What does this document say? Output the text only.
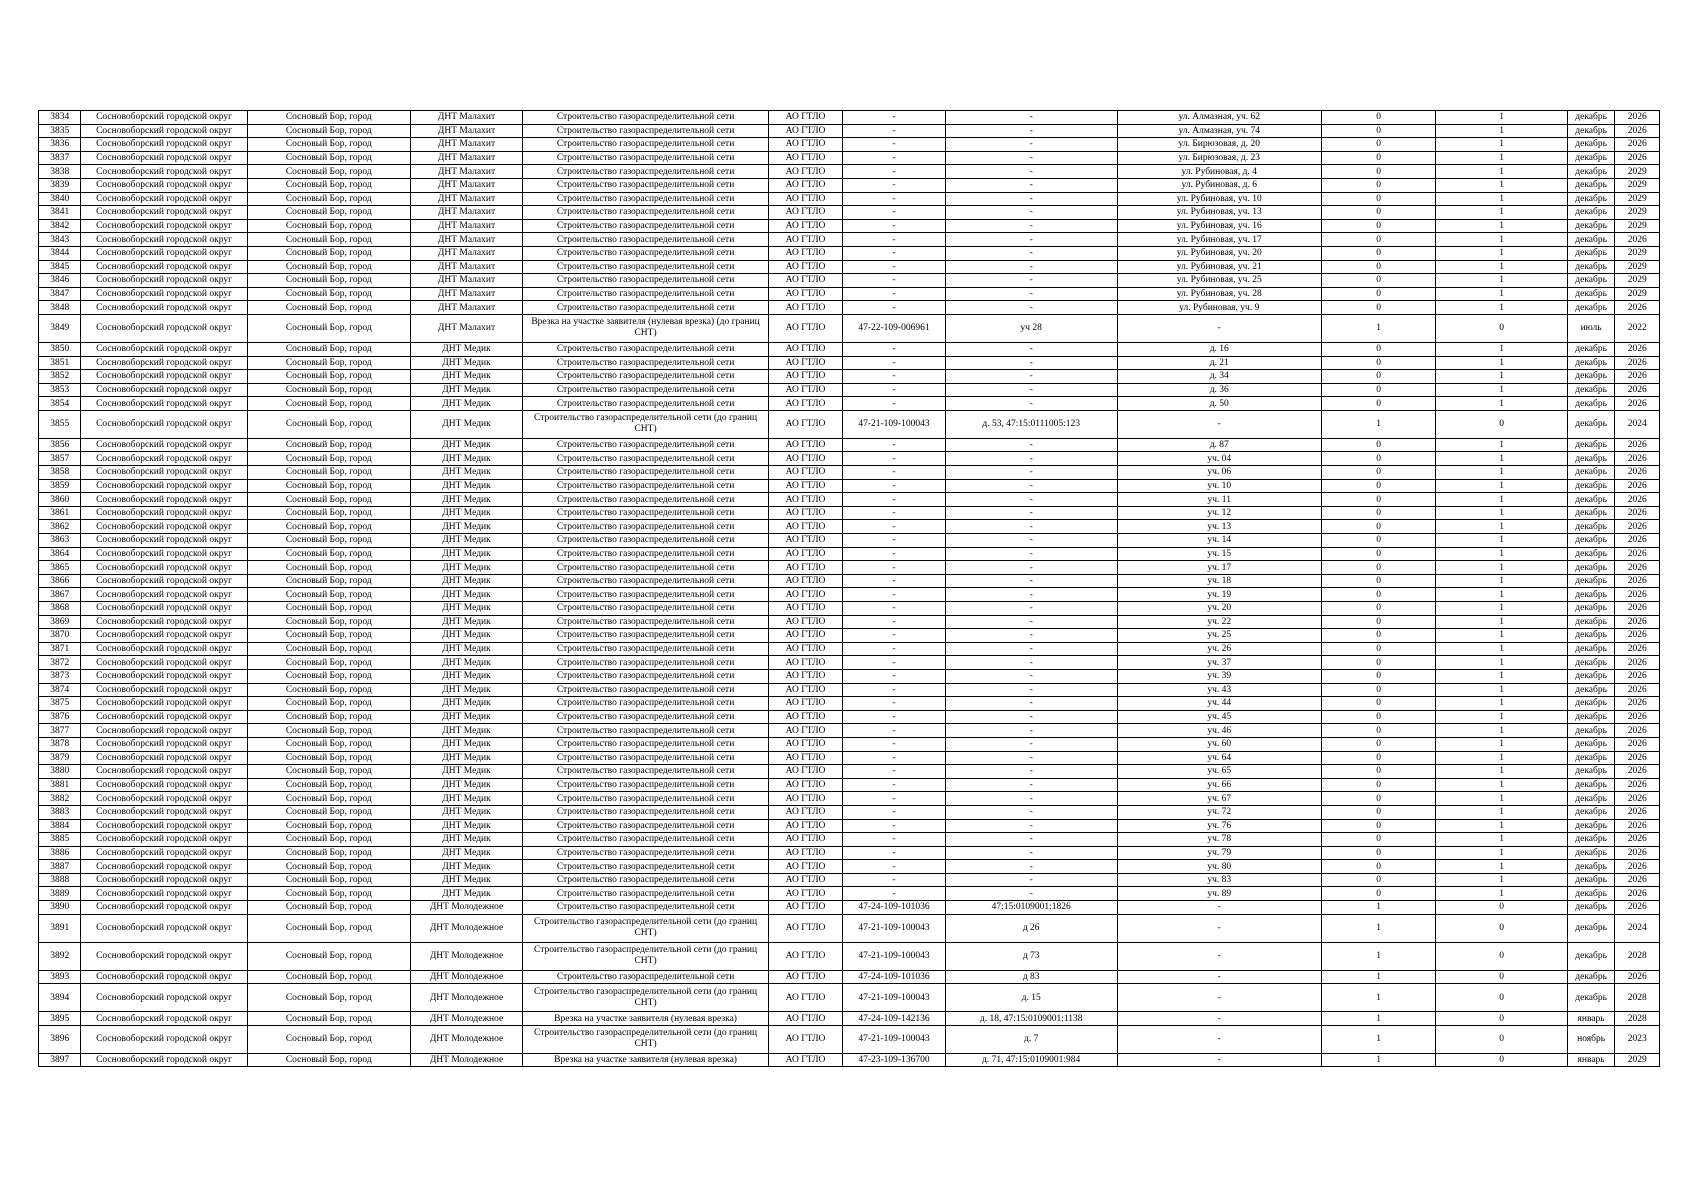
3834	Сосновоборский городской округ	Сосновый Бор, город	ДНТ Малахит	Строительство газораспределительной сети	АО ГТЛО	-	-	ул. Алмазная, уч. 62	0	1	декабрь	2026
3835	Сосновоборский городской округ	Сосновый Бор, город	ДНТ Малахит	Строительство газораспределительной сети	АО ГТЛО	-	-	ул. Алмазная, уч. 74	0	1	декабрь	2026
3836	Сосновоборский городской округ	Сосновый Бор, город	ДНТ Малахит	Строительство газораспределительной сети	АО ГТЛО	-	-	ул. Бирюзовая, д. 20	0	1	декабрь	2026
3837	Сосновоборский городской округ	Сосновый Бор, город	ДНТ Малахит	Строительство газораспределительной сети	АО ГТЛО	-	-	ул. Бирюзовая, д. 23	0	1	декабрь	2026
3838	Сосновоборский городской округ	Сосновый Бор, город	ДНТ Малахит	Строительство газораспределительной сети	АО ГТЛО	-	-	ул. Рубиновая, д. 4	0	1	декабрь	2029
3839	Сосновоборский городской округ	Сосновый Бор, город	ДНТ Малахит	Строительство газораспределительной сети	АО ГТЛО	-	-	ул. Рубиновая, д. 6	0	1	декабрь	2029
3840	Сосновоборский городской округ	Сосновый Бор, город	ДНТ Малахит	Строительство газораспределительной сети	АО ГТЛО	-	-	ул. Рубиновая, уч. 10	0	1	декабрь	2029
3841	Сосновоборский городской округ	Сосновый Бор, город	ДНТ Малахит	Строительство газораспределительной сети	АО ГТЛО	-	-	ул. Рубиновая, уч. 13	0	1	декабрь	2029
3842	Сосновоборский городской округ	Сосновый Бор, город	ДНТ Малахит	Строительство газораспределительной сети	АО ГТЛО	-	-	ул. Рубиновая, уч. 16	0	1	декабрь	2029
3843	Сосновоборский городской округ	Сосновый Бор, город	ДНТ Малахит	Строительство газораспределительной сети	АО ГТЛО	-	-	ул. Рубиновая, уч. 17	0	1	декабрь	2026
3844	Сосновоборский городской округ	Сосновый Бор, город	ДНТ Малахит	Строительство газораспределительной сети	АО ГТЛО	-	-	ул. Рубиновая, уч. 20	0	1	декабрь	2029
3845	Сосновоборский городской округ	Сосновый Бор, город	ДНТ Малахит	Строительство газораспределительной сети	АО ГТЛО	-	-	ул. Рубиновая, уч. 21	0	1	декабрь	2029
3846	Сосновоборский городской округ	Сосновый Бор, город	ДНТ Малахит	Строительство газораспределительной сети	АО ГТЛО	-	-	ул. Рубиновая, уч. 25	0	1	декабрь	2029
3847	Сосновоборский городской округ	Сосновый Бор, город	ДНТ Малахит	Строительство газораспределительной сети	АО ГТЛО	-	-	ул. Рубиновая, уч. 28	0	1	декабрь	2029
3848	Сосновоборский городской округ	Сосновый Бор, город	ДНТ Малахит	Строительство газораспределительной сети	АО ГТЛО	-	-	ул. Рубиновая, уч. 9	0	1	декабрь	2026
3849	Сосновоборский городской округ	Сосновый Бор, город	ДНТ Малахит	Врезка на участке заявителя (нулевая врезка) (до границ СНТ)	АО ГТЛО	47-22-109-006961	уч 28	-	1	0	июль	2022
3850	Сосновоборский городской округ	Сосновый Бор, город	ДНТ Медик	Строительство газораспределительной сети	АО ГТЛО	-	-	д. 16	0	1	декабрь	2026
3851	Сосновоборский городской округ	Сосновый Бор, город	ДНТ Медик	Строительство газораспределительной сети	АО ГТЛО	-	-	д. 21	0	1	декабрь	2026
3852	Сосновоборский городской округ	Сосновый Бор, город	ДНТ Медик	Строительство газораспределительной сети	АО ГТЛО	-	-	д. 34	0	1	декабрь	2026
3853	Сосновоборский городской округ	Сосновый Бор, город	ДНТ Медик	Строительство газораспределительной сети	АО ГТЛО	-	-	д. 36	0	1	декабрь	2026
3854	Сосновоборский городской округ	Сосновый Бор, город	ДНТ Медик	Строительство газораспределительной сети	АО ГТЛО	-	-	д. 50	0	1	декабрь	2026
3855	Сосновоборский городской округ	Сосновый Бор, город	ДНТ Медик	Строительство газораспределительной сети (до границ СНТ)	АО ГТЛО	47-21-109-100043	д. 53, 47:15:0111005:123	-	1	0	декабрь	2024
3856	Сосновоборский городской округ	Сосновый Бор, город	ДНТ Медик	Строительство газораспределительной сети	АО ГТЛО	-	-	д. 87	0	1	декабрь	2026
3857	Сосновоборский городской округ	Сосновый Бор, город	ДНТ Медик	Строительство газораспределительной сети	АО ГТЛО	-	-	уч. 04	0	1	декабрь	2026
3858	Сосновоборский городской округ	Сосновый Бор, город	ДНТ Медик	Строительство газораспределительной сети	АО ГТЛО	-	-	уч. 06	0	1	декабрь	2026
3859	Сосновоборский городской округ	Сосновый Бор, город	ДНТ Медик	Строительство газораспределительной сети	АО ГТЛО	-	-	уч. 10	0	1	декабрь	2026
3860	Сосновоборский городской округ	Сосновый Бор, город	ДНТ Медик	Строительство газораспределительной сети	АО ГТЛО	-	-	уч. 11	0	1	декабрь	2026
3861	Сосновоборский городской округ	Сосновый Бор, город	ДНТ Медик	Строительство газораспределительной сети	АО ГТЛО	-	-	уч. 12	0	1	декабрь	2026
3862	Сосновоборский городской округ	Сосновый Бор, город	ДНТ Медик	Строительство газораспределительной сети	АО ГТЛО	-	-	уч. 13	0	1	декабрь	2026
3863	Сосновоборский городской округ	Сосновый Бор, город	ДНТ Медик	Строительство газораспределительной сети	АО ГТЛО	-	-	уч. 14	0	1	декабрь	2026
3864	Сосновоборский городской округ	Сосновый Бор, город	ДНТ Медик	Строительство газораспределительной сети	АО ГТЛО	-	-	уч. 15	0	1	декабрь	2026
3865	Сосновоборский городской округ	Сосновый Бор, город	ДНТ Медик	Строительство газораспределительной сети	АО ГТЛО	-	-	уч. 17	0	1	декабрь	2026
3866	Сосновоборский городской округ	Сосновый Бор, город	ДНТ Медик	Строительство газораспределительной сети	АО ГТЛО	-	-	уч. 18	0	1	декабрь	2026
3867	Сосновоборский городской округ	Сосновый Бор, город	ДНТ Медик	Строительство газораспределительной сети	АО ГТЛО	-	-	уч. 19	0	1	декабрь	2026
3868	Сосновоборский городской округ	Сосновый Бор, город	ДНТ Медик	Строительство газораспределительной сети	АО ГТЛО	-	-	уч. 20	0	1	декабрь	2026
3869	Сосновоборский городской округ	Сосновый Бор, город	ДНТ Медик	Строительство газораспределительной сети	АО ГТЛО	-	-	уч. 22	0	1	декабрь	2026
3870	Сосновоборский городской округ	Сосновый Бор, город	ДНТ Медик	Строительство газораспределительной сети	АО ГТЛО	-	-	уч. 25	0	1	декабрь	2026
3871	Сосновоборский городской округ	Сосновый Бор, город	ДНТ Медик	Строительство газораспределительной сети	АО ГТЛО	-	-	уч. 26	0	1	декабрь	2026
3872	Сосновоборский городской округ	Сосновый Бор, город	ДНТ Медик	Строительство газораспределительной сети	АО ГТЛО	-	-	уч. 37	0	1	декабрь	2026
3873	Сосновоборский городской округ	Сосновый Бор, город	ДНТ Медик	Строительство газораспределительной сети	АО ГТЛО	-	-	уч. 39	0	1	декабрь	2026
3874	Сосновоборский городской округ	Сосновый Бор, город	ДНТ Медик	Строительство газораспределительной сети	АО ГТЛО	-	-	уч. 43	0	1	декабрь	2026
3875	Сосновоборский городской округ	Сосновый Бор, город	ДНТ Медик	Строительство газораспределительной сети	АО ГТЛО	-	-	уч. 44	0	1	декабрь	2026
3876	Сосновоборский городской округ	Сосновый Бор, город	ДНТ Медик	Строительство газораспределительной сети	АО ГТЛО	-	-	уч. 45	0	1	декабрь	2026
3877	Сосновоборский городской округ	Сосновый Бор, город	ДНТ Медик	Строительство газораспределительной сети	АО ГТЛО	-	-	уч. 46	0	1	декабрь	2026
3878	Сосновоборский городской округ	Сосновый Бор, город	ДНТ Медик	Строительство газораспределительной сети	АО ГТЛО	-	-	уч. 60	0	1	декабрь	2026
3879	Сосновоборский городской округ	Сосновый Бор, город	ДНТ Медик	Строительство газораспределительной сети	АО ГТЛО	-	-	уч. 64	0	1	декабрь	2026
3880	Сосновоборский городской округ	Сосновый Бор, город	ДНТ Медик	Строительство газораспределительной сети	АО ГТЛО	-	-	уч. 65	0	1	декабрь	2026
3881	Сосновоборский городской округ	Сосновый Бор, город	ДНТ Медик	Строительство газораспределительной сети	АО ГТЛО	-	-	уч. 66	0	1	декабрь	2026
3882	Сосновоборский городской округ	Сосновый Бор, город	ДНТ Медик	Строительство газораспределительной сети	АО ГТЛО	-	-	уч. 67	0	1	декабрь	2026
3883	Сосновоборский городской округ	Сосновый Бор, город	ДНТ Медик	Строительство газораспределительной сети	АО ГТЛО	-	-	уч. 72	0	1	декабрь	2026
3884	Сосновоборский городской округ	Сосновый Бор, город	ДНТ Медик	Строительство газораспределительной сети	АО ГТЛО	-	-	уч. 76	0	1	декабрь	2026
3885	Сосновоборский городской округ	Сосновый Бор, город	ДНТ Медик	Строительство газораспределительной сети	АО ГТЛО	-	-	уч. 78	0	1	декабрь	2026
3886	Сосновоборский городской округ	Сосновый Бор, город	ДНТ Медик	Строительство газораспределительной сети	АО ГТЛО	-	-	уч. 79	0	1	декабрь	2026
3887	Сосновоборский городской округ	Сосновый Бор, город	ДНТ Медик	Строительство газораспределительной сети	АО ГТЛО	-	-	уч. 80	0	1	декабрь	2026
3888	Сосновоборский городской округ	Сосновый Бор, город	ДНТ Медик	Строительство газораспределительной сети	АО ГТЛО	-	-	уч. 83	0	1	декабрь	2026
3889	Сосновоборский городской округ	Сосновый Бор, город	ДНТ Медик	Строительство газораспределительной сети	АО ГТЛО	-	-	уч. 89	0	1	декабрь	2026
3890	Сосновоборский городской округ	Сосновый Бор, город	ДНТ Молодежное	Строительство газораспределительной сети	АО ГТЛО	47-24-109-101036	47:15:0109001:1826	-	1	0	декабрь	2026
3891	Сосновоборский городской округ	Сосновый Бор, город	ДНТ Молодежное	Строительство газораспределительной сети (до границ СНТ)	АО ГТЛО	47-21-109-100043	д 26	-	1	0	декабрь	2024
3892	Сосновоборский городской округ	Сосновый Бор, город	ДНТ Молодежное	Строительство газораспределительной сети (до границ СНТ)	АО ГТЛО	47-21-109-100043	д 73	-	1	0	декабрь	2028
3893	Сосновоборский городской округ	Сосновый Бор, город	ДНТ Молодежное	Строительство газораспределительной сети	АО ГТЛО	47-24-109-101036	д 83	-	1	0	декабрь	2026
3894	Сосновоборский городской округ	Сосновый Бор, город	ДНТ Молодежное	Строительство газораспределительной сети (до границ СНТ)	АО ГТЛО	47-21-109-100043	д. 15	-	1	0	декабрь	2028
3895	Сосновоборский городской округ	Сосновый Бор, город	ДНТ Молодежное	Врезка на участке заявителя (нулевая врезка)	АО ГТЛО	47-24-109-142136	д. 18, 47:15:0109001:1138	-	1	0	январь	2028
3896	Сосновоборский городской округ	Сосновый Бор, город	ДНТ Молодежное	Строительство газораспределительной сети (до границ СНТ)	АО ГТЛО	47-21-109-100043	д. 7	-	1	0	ноябрь	2023
3897	Сосновоборский городской округ	Сосновый Бор, город	ДНТ Молодежное	Врезка на участке заявителя (нулевая врезка)	АО ГТЛО	47-23-109-136700	д. 71, 47:15:0109001:984	-	1	0	январь	2029
